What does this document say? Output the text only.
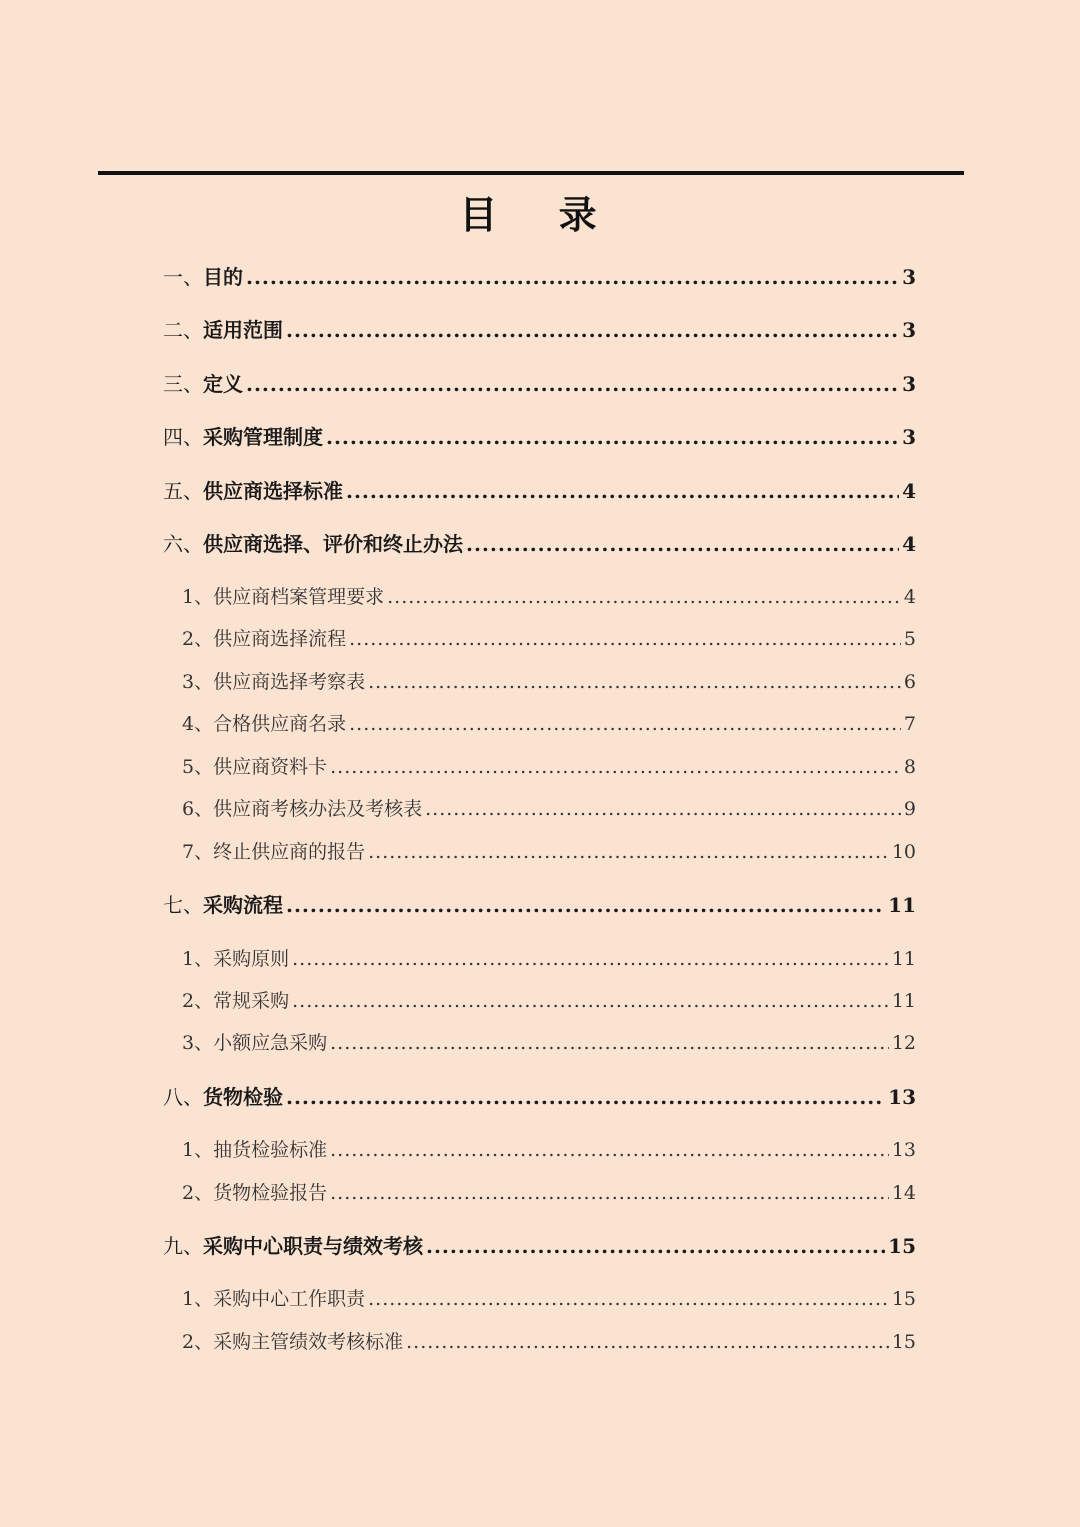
目 录
一、 目的 .....	3
二、 适用范围 .....	3
三、 定义 .....	3
四、 采购管理制度 .....	3
五、 供应商选择标准 .....	4
六、 供应商选择、评价和终止办法 .....	4
1、 供应商档案管理要求 .....	4
2、 供应商选择流程 .....	5
3、 供应商选择考察表 .....	6
4、 合格供应商名录 .....	7
5、 供应商资料卡 .....	8
6、 供应商考核办法及考核表 .....	9
7、 终止供应商的报告 .....	10
七、 采购流程 .....	11
1、 采购原则 .....	11
2、 常规采购 .....	11
3、 小额应急采购 .....	12
八、 货物检验 .....	13
1、 抽货检验标准 .....	13
2、 货物检验报告 .....	14
九、 采购中心职责与绩效考核 .....	15
1、 采购中心工作职责 .....	15
2、 采购主管绩效考核标准 .....	15
